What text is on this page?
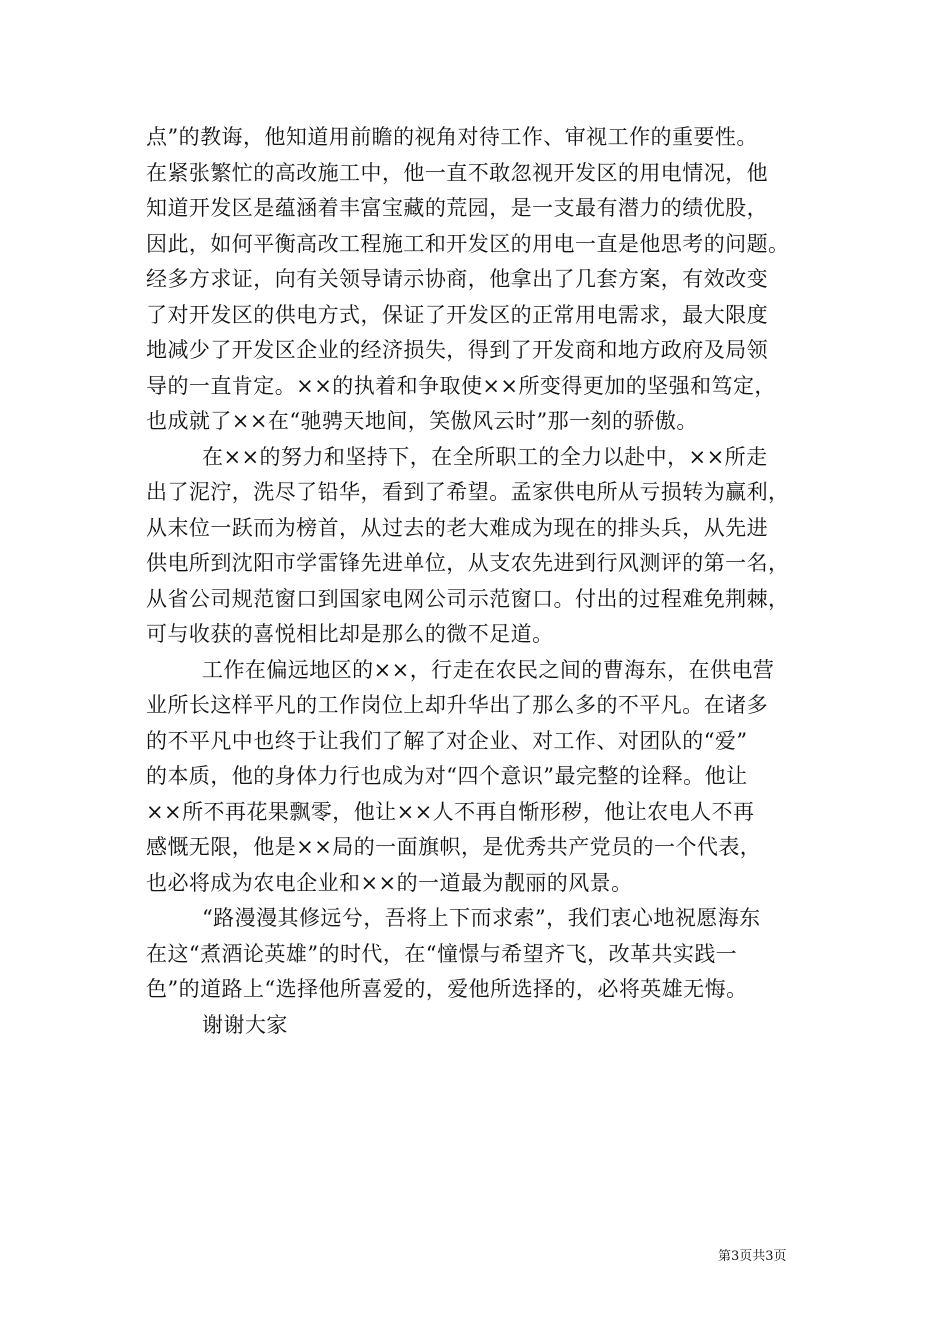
点”的教诲，他知道用前瞻的视角对待工作、审视工作的重要性。
在紧张繁忙的高改施工中，他一直不敢忽视开发区的用电情况，他
知道开发区是蕴涵着丰富宝藏的荒园，是一支最有潜力的绩优股，
因此，如何平衡高改工程施工和开发区的用电一直是他思考的问题。
经多方求证，向有关领导请示协商，他拿出了几套方案，有效改变
了对开发区的供电方式，保证了开发区的正常用电需求，最大限度
地减少了开发区企业的经济损失，得到了开发商和地方政府及局领
导的一直肯定。××的执着和争取使××所变得更加的坚强和笃定，
也成就了××在“驰骋天地间，笑傲风云时”那一刻的骄傲。
在××的努力和坚持下，在全所职工的全力以赴中，××所走
出了泥泞，洗尽了铅华，看到了希望。孟家供电所从亏损转为赢利，
从末位一跃而为榜首，从过去的老大难成为现在的排头兵，从先进
供电所到沈阳市学雷锋先进单位，从支农先进到行风测评的第一名，
从省公司规范窗口到国家电网公司示范窗口。付出的过程难免荆棘，
可与收获的喜悦相比却是那么的微不足道。
工作在偏远地区的××，行走在农民之间的曹海东，在供电营
业所长这样平凡的工作岗位上却升华出了那么多的不平凡。在诸多
的不平凡中也终于让我们了解了对企业、对工作、对团队的“爱”
的本质，他的身体力行也成为对“四个意识”最完整的诠释。他让
××所不再花果飘零，他让××人不再自惭形秽，他让农电人不再
感慨无限，他是××局的一面旗帜，是优秀共产党员的一个代表，
也必将成为农电企业和××的一道最为靓丽的风景。
“路漫漫其修远兮，吾将上下而求索”，我们衷心地祝愿海东
在这“煮酒论英雄”的时代，在“憧憬与希望齐飞，改革共实践一
色”的道路上“选择他所喜爱的，爱他所选择的，必将英雄无悔。
谢谢大家
第3页共3页
